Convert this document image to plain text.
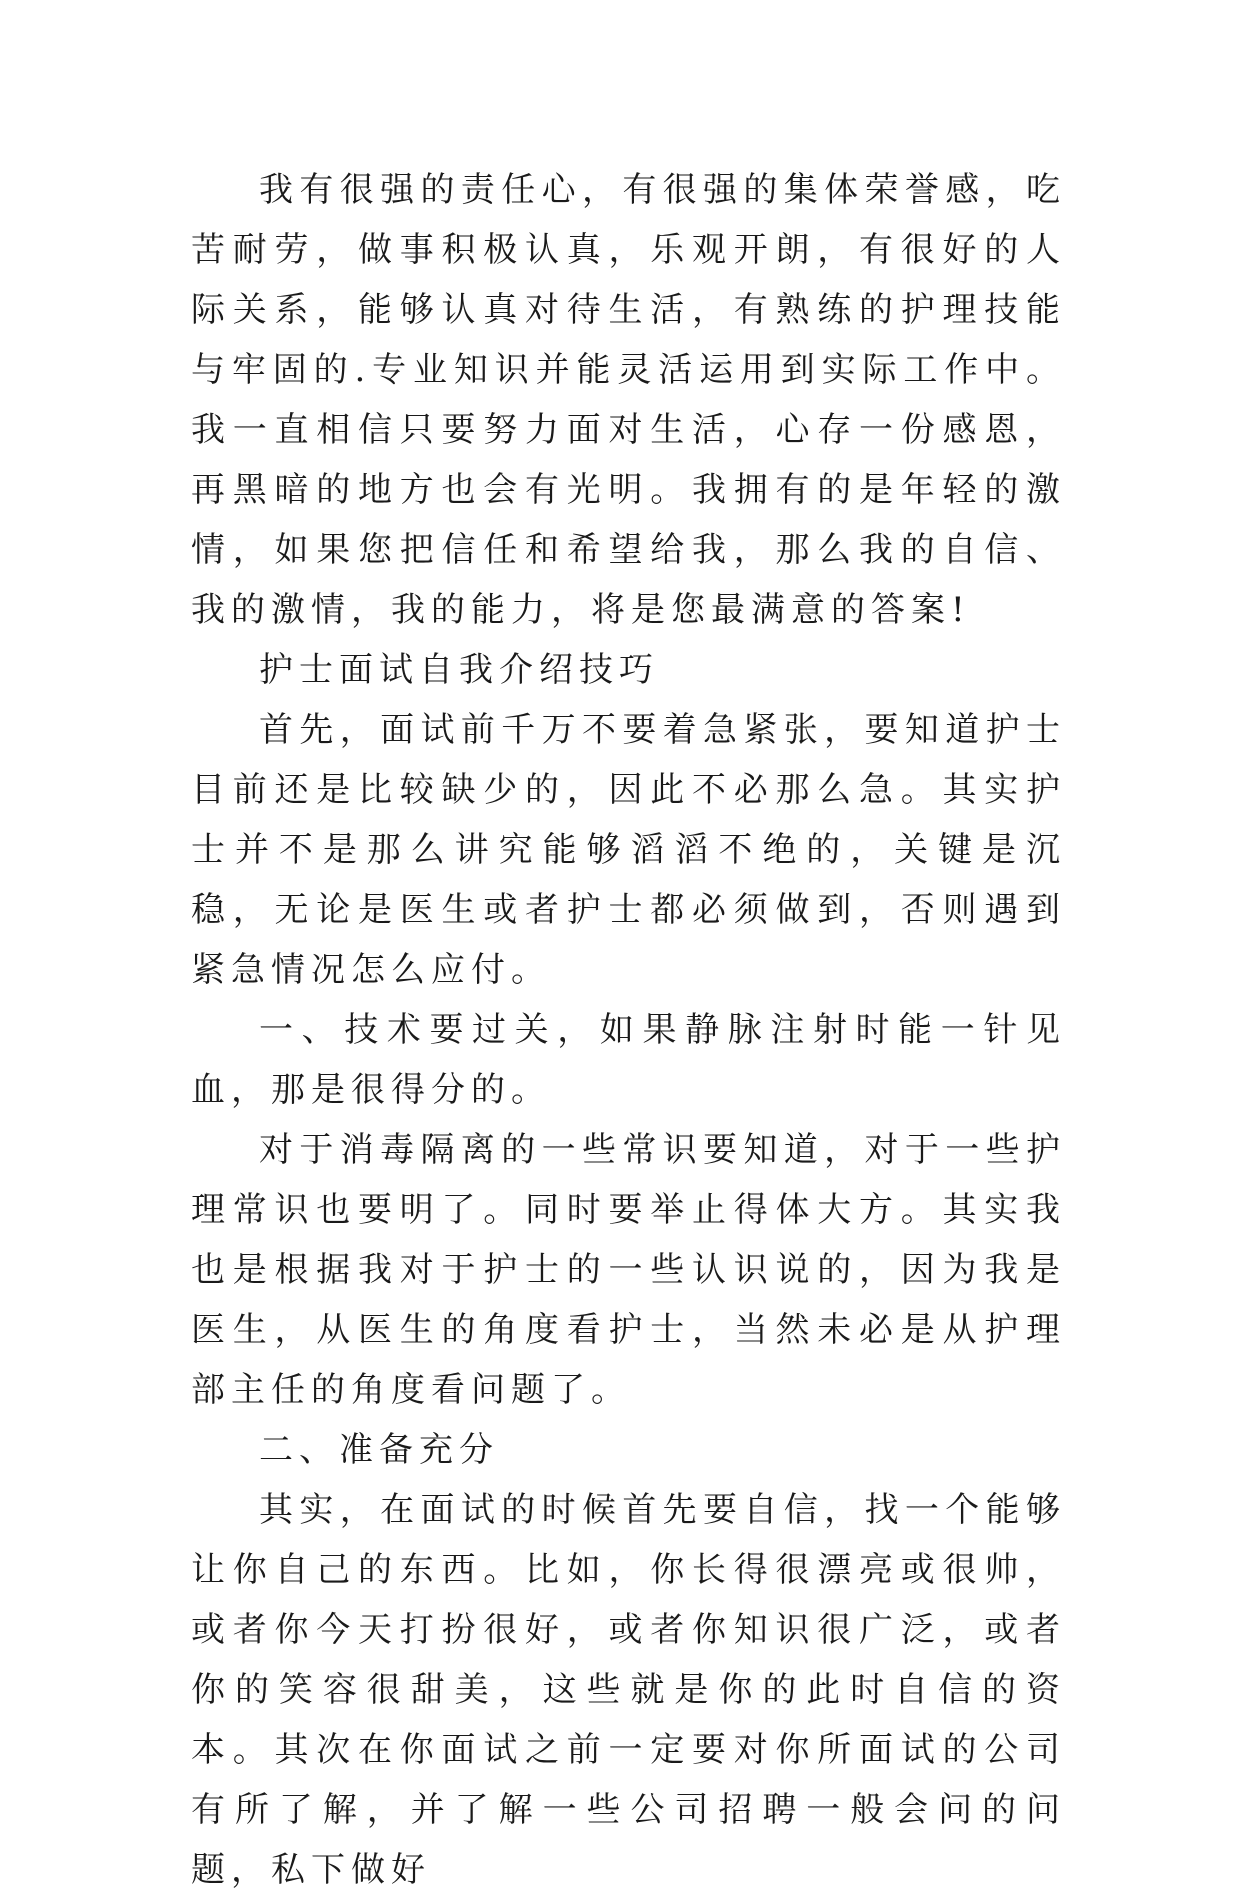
我有很强的责任心，有很强的集体荣誉感，吃苦耐劳，做事积极认真，乐观开朗，有很好的人际关系，能够认真对待生活，有熟练的护理技能与牢固的.专业知识并能灵活运用到实际工作中。我一直相信只要努力面对生活，心存一份感恩，再黑暗的地方也会有光明。我拥有的是年轻的激情，如果您把信任和希望给我，那么我的自信、我的激情，我的能力，将是您最满意的答案!

护士面试自我介绍技巧

首先，面试前千万不要着急紧张，要知道护士目前还是比较缺少的，因此不必那么急。其实护士并不是那么讲究能够滔滔不绝的，关键是沉稳，无论是医生或者护士都必须做到，否则遇到紧急情况怎么应付。

一、技术要过关，如果静脉注射时能一针见血，那是很得分的。

对于消毒隔离的一些常识要知道，对于一些护理常识也要明了。同时要举止得体大方。其实我也是根据我对于护士的一些认识说的，因为我是医生，从医生的角度看护士，当然未必是从护理部主任的角度看问题了。

二、准备充分

其实，在面试的时候首先要自信，找一个能够让你自己的东西。比如，你长得很漂亮或很帅，或者你今天打扮很好，或者你知识很广泛，或者你的笑容很甜美，这些就是你的此时自信的资本。其次在你面试之前一定要对你所面试的公司有所了解，并了解一些公司招聘一般会问的问题，私下做好
